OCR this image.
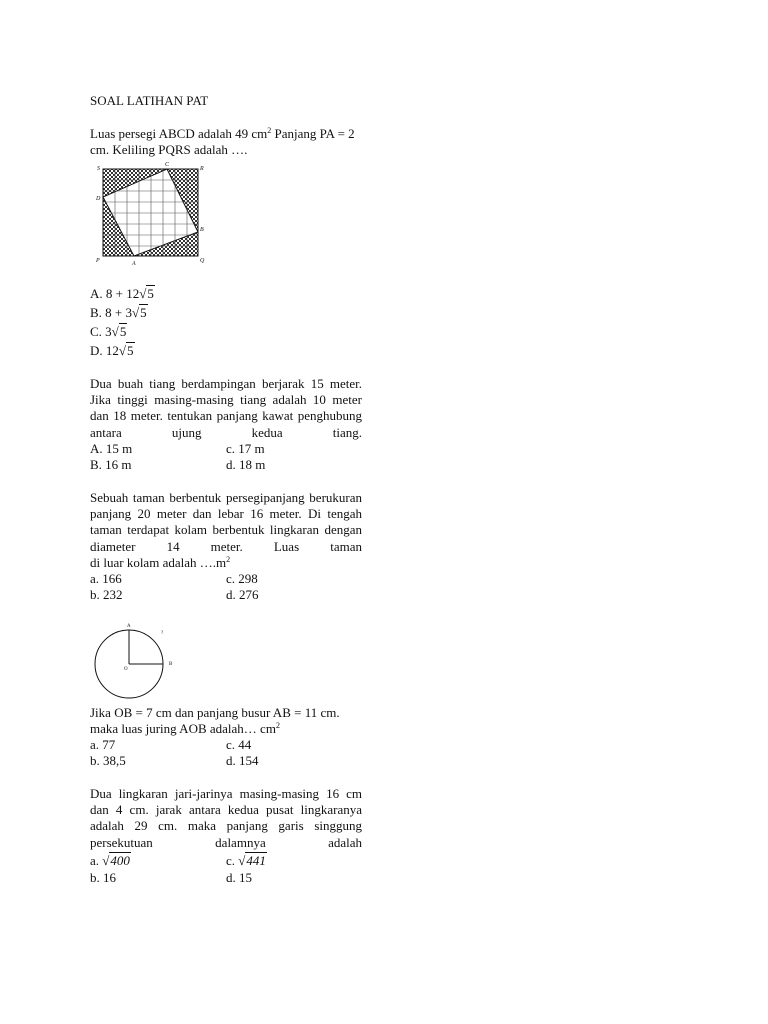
SOAL LATIHAN PAT

Luas persegi ABCD adalah 49 $cm^2$ Panjang PA = 2 cm. Keliling PQRS adalah ….

S
C
R
D
B
P	A	Q
A. 8 + 12√5
B. 8 + 3√5
C. 3√5
D. 12√5

Dua buah tiang berdampingan berjarak 15 meter. Jika tinggi masing-masing tiang adalah 10 meter dan 18 meter. tentukan panjang kawat penghubung antara ujung kedua tiang.

A. 15 m	c. 17 m
B. 16 m	d. 18 m

Sebuah taman berbentuk persegipanjang berukuran panjang 20 meter dan lebar 16 meter. Di tengah taman terdapat kolam berbentuk lingkaran dengan diameter 14 meter. Luas taman

di luar kolam adalah $\dots.m^2$
a. 166	c. 298
b. 232	d. 276
A
O
B
?
Jika OB = 7 cm dan panjang busur AB = 11 cm.
maka luas juring AOB adalah… $cm^2$
a. 77	c. 44
b. 38,5	d. 154

Dua lingkaran jari-jarinya masing-masing 16 cm dan 4 cm. jarak antara kedua pusat lingkaranya adalah 29 cm. maka panjang garis singgung persekutuan dalamnya adalah

a. √400	c. √441
b. 16	d. 15
